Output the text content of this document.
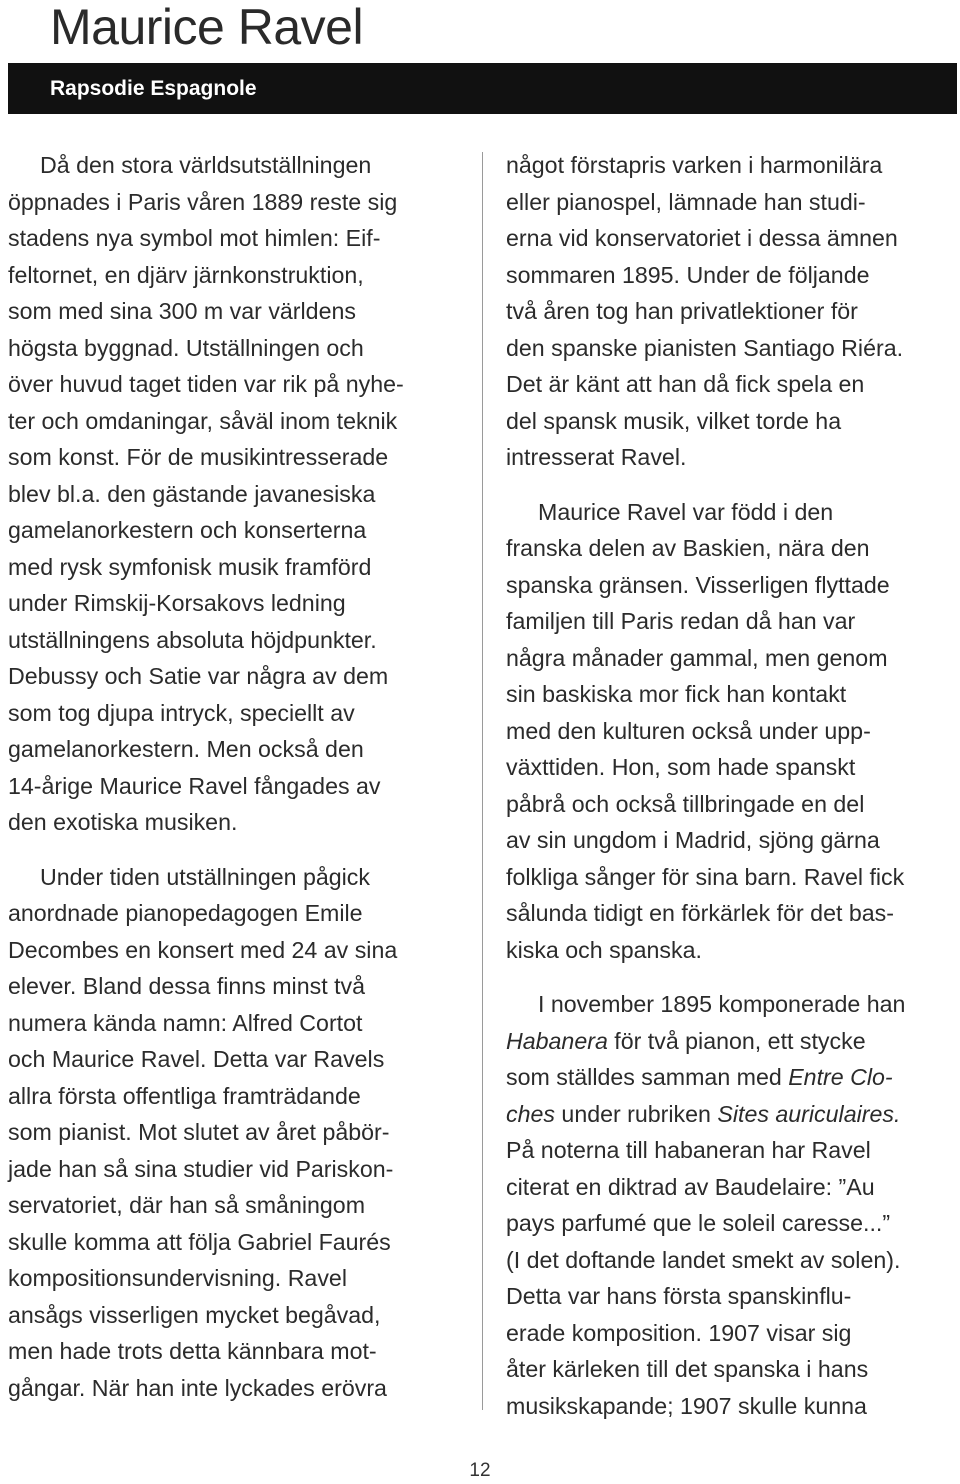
Maurice Ravel
Rapsodie Espagnole

Då den stora världsutställningen
öppnades i Paris våren 1889 reste sig
stadens nya symbol mot himlen: Eif-
feltornet, en djärv järnkonstruktion,
som med sina 300 m var världens
högsta byggnad. Utställningen och
över huvud taget tiden var rik på nyhe-
ter och omdaningar, såväl inom teknik
som konst. För de musikintresserade
blev bl.a. den gästande javanesiska
gamelanorkestern och konserterna
med rysk symfonisk musik framförd
under Rimskij-Korsakovs ledning
utställningens absoluta höjdpunkter.
Debussy och Satie var några av dem
som tog djupa intryck, speciellt av
gamelanorkestern. Men också den
14-årige Maurice Ravel fångades av
den exotiska musiken.

Under tiden utställningen pågick
anordnade pianopedagogen Emile
Decombes en konsert med 24 av sina
elever. Bland dessa finns minst två
numera kända namn: Alfred Cortot
och Maurice Ravel. Detta var Ravels
allra första offentliga framträdande
som pianist. Mot slutet av året påbör-
jade han så sina studier vid Pariskon-
servatoriet, där han så småningom
skulle komma att följa Gabriel Faurés
kompositionsundervisning. Ravel
ansågs visserligen mycket begåvad,
men hade trots detta kännbara mot-
gångar. När han inte lyckades erövra

något förstapris varken i harmonilära
eller pianospel, lämnade han studi-
erna vid konservatoriet i dessa ämnen
sommaren 1895. Under de följande
två åren tog han privatlektioner för
den spanske pianisten Santiago Riéra.
Det är känt att han då fick spela en
del spansk musik, vilket torde ha
intresserat Ravel.

Maurice Ravel var född i den
franska delen av Baskien, nära den
spanska gränsen. Visserligen flyttade
familjen till Paris redan då han var
några månader gammal, men genom
sin baskiska mor fick han kontakt
med den kulturen också under upp-
växttiden. Hon, som hade spanskt
påbrå och också tillbringade en del
av sin ungdom i Madrid, sjöng gärna
folkliga sånger för sina barn. Ravel fick
sålunda tidigt en förkärlek för det bas-
kiska och spanska.

I november 1895 komponerade han
Habanera för två pianon, ett stycke
som ställdes samman med Entre Clo-
ches under rubriken Sites auriculaires.
På noterna till habaneran har Ravel
citerat en diktrad av Baudelaire: ”Au
pays parfumé que le soleil caresse...”
(I det doftande landet smekt av solen).
Detta var hans första spanskinflu-
erade komposition. 1907 visar sig
åter kärleken till det spanska i hans
musikskapande; 1907 skulle kunna

12
